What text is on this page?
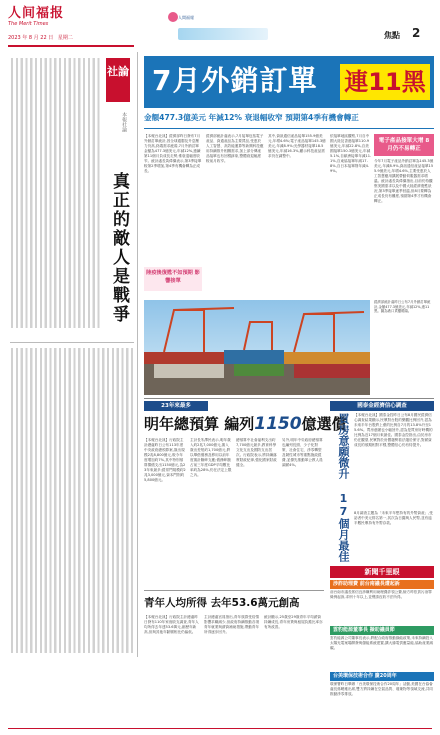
人间福报
The Merit Times
2023 年 8 月 22 日 星期二
人間福報
焦點	2
7月外銷訂單 連11黑
金額477.3億美元 年減12% 衰退幅收窄 預期第4季有機會轉正
社論
真正的敵人是戰爭
本報社論
【本報台北訊】經濟部昨日發布7月外銷訂單統計,因全球通膨及升息壓力仍高,終端需求疲弱,7月外銷訂單金額為477.3億美元,年減12%,連續第11個月負成長走勢,惟衰退幅度收窄。統計處長黃偉傑表示,第3季接單較第2季增加,第4季有機會轉為正成長。
陸疫後復甦不如預期 影響接單
經濟部統計處表示,7月接單包括電子產品、資通產品為主要貨品,受惠於人工智慧、高效能運算等新興科技應用持續推升相關需求,加上部分傳產品接單也有回穩跡象,整體衰退幅度較前月收窄。
其中,資訊通信產品接單155.9億美元,年增4.6%;電子產品接單145.3億美元,年減8.9%;光學器材接單18.5億美元,年減16.3%,顯示科技產品需求仍在調整中。
依接單地區觀察,7月自中國大陸及香港接單110.9億美元,年減22.8%,自美國接單150.3億美元,年減5.1%,自歐洲接單年減11.1%,自東協接單年減17.8%,自日本接單則年減4.9%。
電子產品接單大增 8月仍不易轉正
今年7月電子產品外銷訂單為145.3億美元,年減8.9%,資訊通信產品接單155.9億美元,年增4.6%,主要受惠於人工智慧應用擴展帶動伺服器需求增溫。統計處長黃偉傑指出,目前仍待觀察美國需求以及中國大陸經濟復甦狀況,第3季接單逐季回溫,但8月要轉為正成長仍有難度,預期第4季才有機會轉正。
經濟部統計處昨日公布7月外銷訂單統計,金額477.3億美元,年減12%,連11黑。圖為港口貨櫃碼頭。
23年來最多	國泰金經濟信心調查
明年總預算 編列1150億選償
【本報台北訊】行政院主計總處昨日公布113年度中央政府總預算案,歲出規模2兆8,800億元,較今年度增加約7%,其中特別預算償債支出1150億元,為23年來最多;經常門規模約2兆3,000億元,資本門則約5,800億元。
主計長朱澤民表示,明年歲入約2兆7,000億元,歲入歲出差短約1,700億元,將以舉借債務及移用以前年度歲計賸餘支應;債務餘額占前三年度GDP平均數比率約為28%,仍在法定上限之內。
總預算中社會福利支出約7,700億元最多,教育科學文化支出及國防支出居次。行政院表示,將持續落實財政紀律,強化國家財政健全。
另外,明年中央政府總預算也編列長照、少子化對策、社會住宅、淨零轉型及韌性城市等重點施政經費,並優先推動軍公教人員調薪4%。
青年人均所得 去年53.6萬元創高
【本報台北訊】行政院主計總處昨日發布110年家庭收支調查,青年人均所得去年達53.6萬元,創歷年新高,但與其他年齡層相比仍偏低。
主計總處官員指出,青年族群受疫情影響求職減少,但政府持續推動各項青年就業與薪資補助措施,帶動青年所得逐步回升。
統計顯示,25歲至29歲青年平均薪資持續成長,青年房貸與租屋負擔比率亦有所改善。
買房意願微升 17個月最佳 【本報台北訊】國泰金控昨日公布8月國民經濟信心調查結果顯示,民眾對台股的樂觀比例回升,認為未來半年台股將上漲的比例自7月的13.8%升至15.6%。買房意願也小幅回升,認為是買房好時機的比例為近17個月來最佳。國泰金控指出,由於房市仍在觀望,民眾對於房價趨勢看法趨於保守,對薪資成長的預期相對平穩,整體信心仍有待提升。
8月調查主題為「未來半年想持有的外幣資產」,受訪者中美元排名第一,其次為日圓與人民幣,並有逾半數民眾持有外幣存款。
新聞千里眼
涉詐助理費 前台南議長遭起訴
前台南市議長郭信良涉嫌利用助理費詐領公費,檢方昨依貪污治罪條例起訴,求刑十年以上,並聲請沒收不法所得。
雲豹能源董事長 擬助議員節
雲豹能源公司董事長表示,將配合政府推動綠能政策,未來持續投入太陽光電案場開發與儲能系統建置,擴大綠電供應量能,協助產業減碳。
台美環保技術合作 慶20周年
環保署昨日舉辦「台美環保技術合作20周年」活動,美國在台協會處長孫曉雅出席,雙方將持續在空氣品質、廢棄物等領域交流,共同推動淨零排放。
